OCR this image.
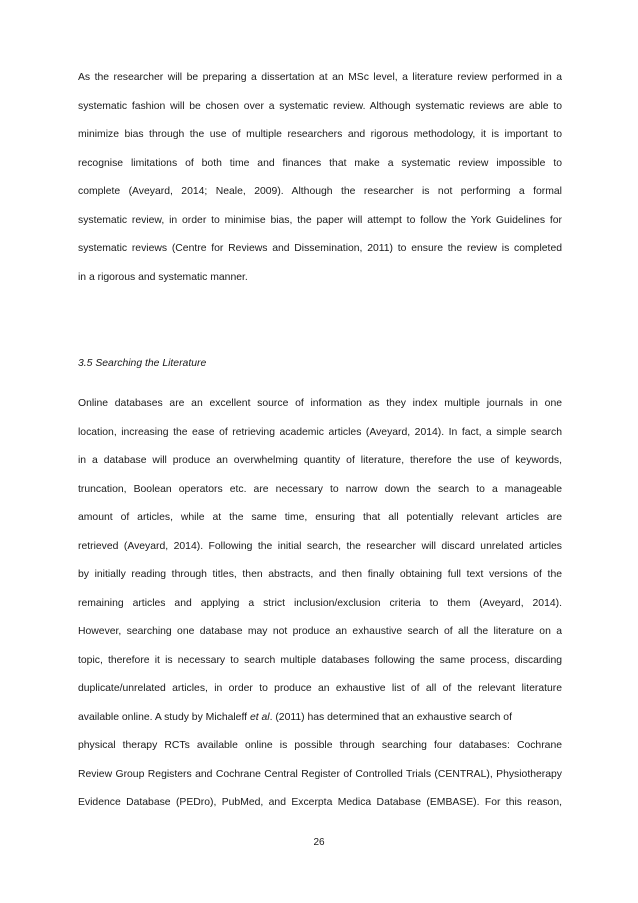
As the researcher will be preparing a dissertation at an MSc level, a literature review performed in a
systematic fashion will be chosen over a systematic review. Although systematic reviews are able to
minimize bias through the use of multiple researchers and rigorous methodology, it is important to
recognise limitations of both time and finances that make a systematic review impossible to
complete (Aveyard, 2014; Neale, 2009). Although the researcher is not performing a formal
systematic review, in order to minimise bias, the paper will attempt to follow the York Guidelines for
systematic reviews (Centre for Reviews and Dissemination, 2011) to ensure the review is completed
in a rigorous and systematic manner.
3.5 Searching the Literature
Online databases are an excellent source of information as they index multiple journals in one
location, increasing the ease of retrieving academic articles (Aveyard, 2014). In fact, a simple search
in a database will produce an overwhelming quantity of literature, therefore the use of keywords,
truncation, Boolean operators etc. are necessary to narrow down the search to a manageable
amount of articles, while at the same time, ensuring that all potentially relevant articles are
retrieved (Aveyard, 2014). Following the initial search, the researcher will discard unrelated articles
by initially reading through titles, then abstracts, and then finally obtaining full text versions of the
remaining articles and applying a strict inclusion/exclusion criteria to them (Aveyard, 2014).
However, searching one database may not produce an exhaustive search of all the literature on a
topic, therefore it is necessary to search multiple databases following the same process, discarding
duplicate/unrelated articles, in order to produce an exhaustive list of all of the relevant literature
available online. A study by Michaleff et al . (2011) has determined that an exhaustive search of
physical therapy RCTs available online is possible through searching four databases: Cochrane
Review Group Registers and Cochrane Central Register of Controlled Trials (CENTRAL), Physiotherapy
Evidence Database (PEDro), PubMed, and Excerpta Medica Database (EMBASE). For this reason,
26
